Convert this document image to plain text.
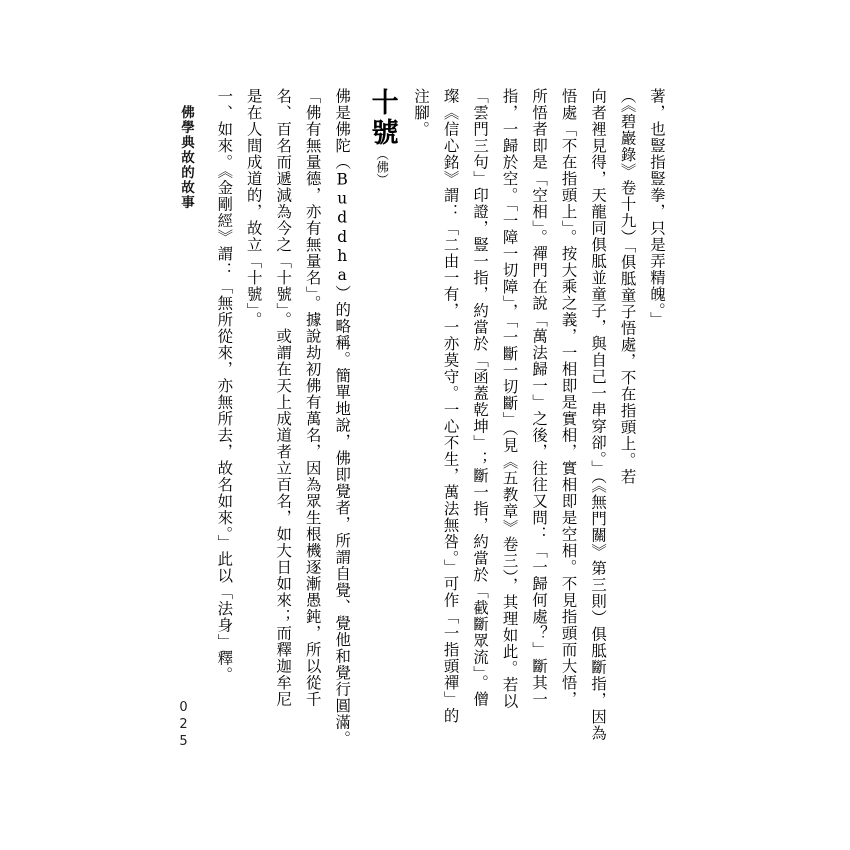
佛學典故的故事
025
著，也豎指豎拳，只是弄精魄。」
（《碧巖錄》卷十九）「俱胝童子悟處，不在指頭上。若
向者裡見得，天龍同俱胝並童子，與自己一串穿卻。」（《無門關》第三則）俱胝斷指，因為
悟處「不在指頭上」。按大乘之義，一相即是實相，實相即是空相。不見指頭而大悟，
所悟者即是「空相」。禪門在說「萬法歸一」之後，往往又問：「一歸何處？」斷其一
指，一歸於空。「一障一切障」，「一斷一切斷」（見《五教章》卷三），其理如此。若以
「雲門三句」印證，豎一指，約當於「函蓋乾坤」；斷一指，約當於「截斷眾流」。僧
璨《信心銘》謂：「二由一有，一亦莫守。一心不生，萬法無咎。」可作「一指頭禪」的
注腳。
十號（佛）
佛是佛陀（Buddha）的略稱。簡單地說，佛即覺者，所謂自覺、覺他和覺行圓滿。
「佛有無量德，亦有無量名」。據說劫初佛有萬名，因為眾生根機逐漸愚鈍，所以從千
名、百名而遞減為今之「十號」。或謂在天上成道者立百名，如大日如來；而釋迦牟尼
是在人間成道的，故立「十號」。
一、如來。《金剛經》謂：「無所從來，亦無所去，故名如來。」此以「法身」釋。
